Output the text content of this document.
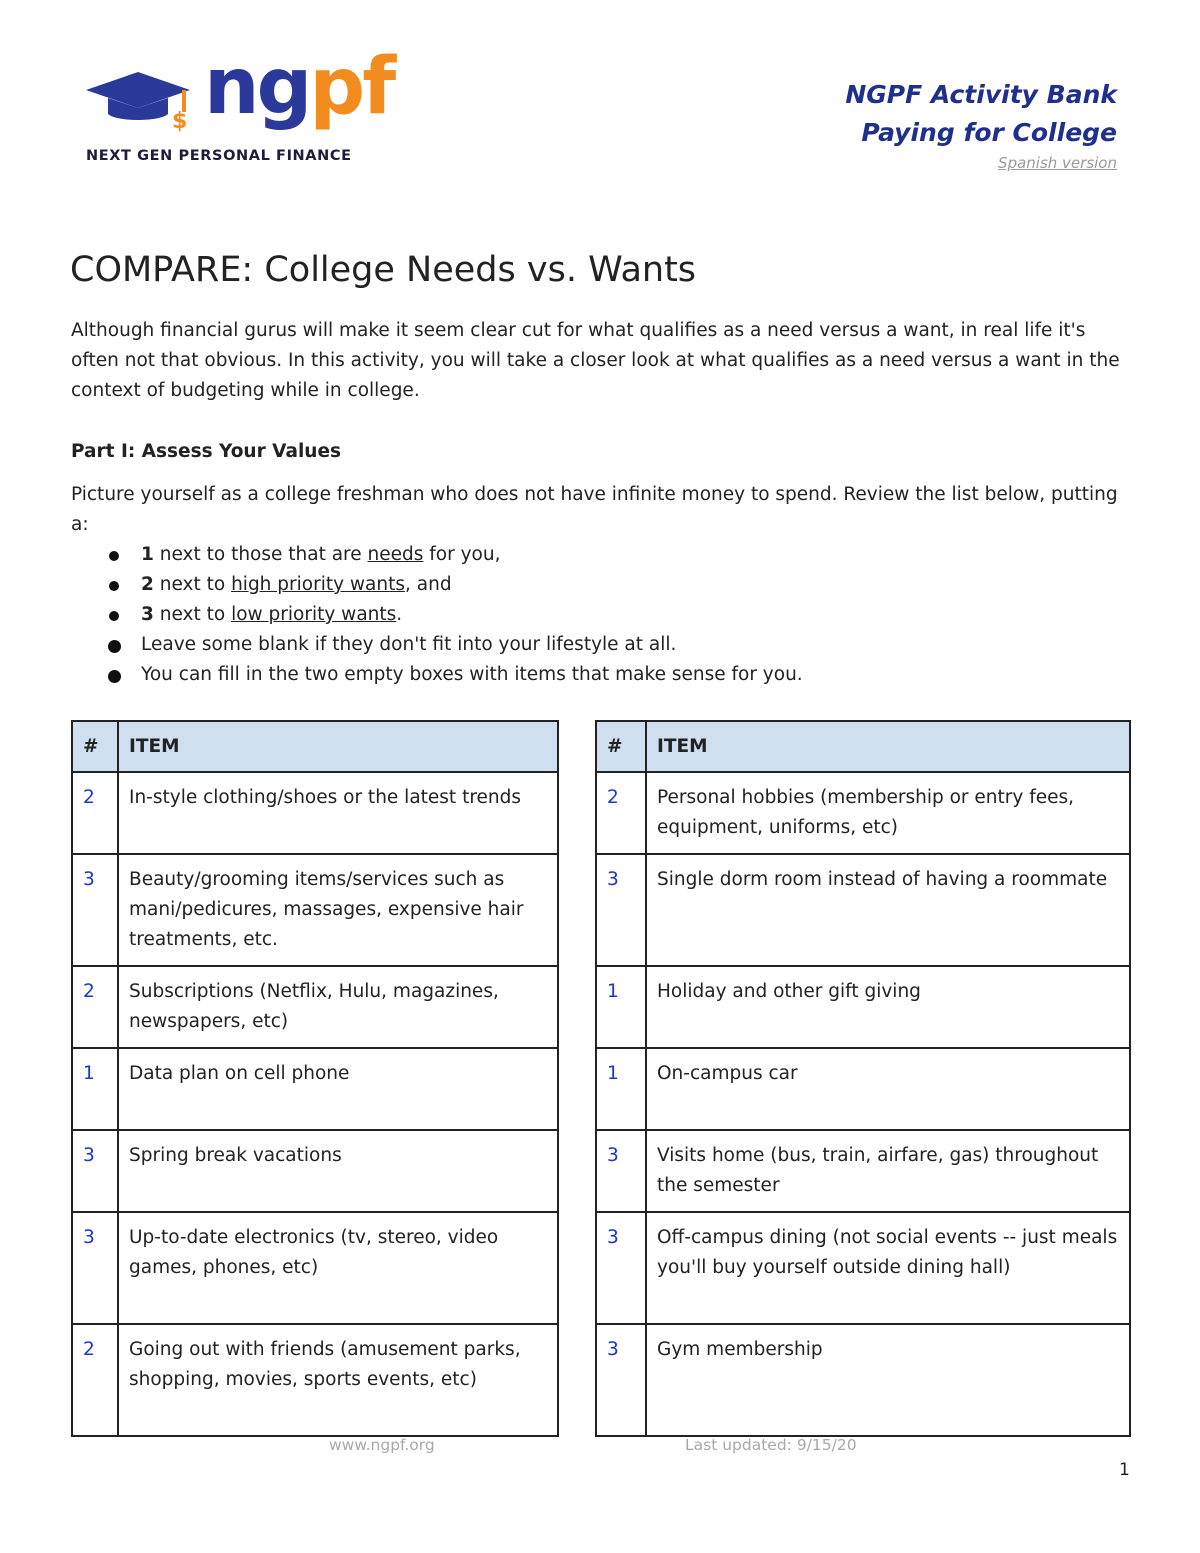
$ ngpf
NEXT GEN PERSONAL FINANCE
NGPF Activity Bank
Paying for College
Spanish version
COMPARE: College Needs vs. Wants
Although financial gurus will make it seem clear cut for what qualifies as a need versus a want, in real life it's often not that obvious. In this activity, you will take a closer look at what qualifies as a need versus a want in the context of budgeting while in college.
Part I: Assess Your Values
Picture yourself as a college freshman who does not have infinite money to spend. Review the list below, putting a:
1 next to those that are needs for you,
2 next to high priority wants, and
3 next to low priority wants.
Leave some blank if they don't fit into your lifestyle at all.
You can fill in the two empty boxes with items that make sense for you.
#	ITEM
2	In-style clothing/shoes or the latest trends
3	Beauty/grooming items/services such as mani/pedicures, massages, expensive hair treatments, etc.
2	Subscriptions (Netflix, Hulu, magazines, newspapers, etc)
1	Data plan on cell phone
3	Spring break vacations
3	Up-to-date electronics (tv, stereo, video games, phones, etc)
2	Going out with friends (amusement parks, shopping, movies, sports events, etc)
#	ITEM
2	Personal hobbies (membership or entry fees, equipment, uniforms, etc)
3	Single dorm room instead of having a roommate
1	Holiday and other gift giving
1	On-campus car
3	Visits home (bus, train, airfare, gas) throughout the semester
3	Off-campus dining (not social events -- just meals you'll buy yourself outside dining hall)
3	Gym membership
www.ngpf.org	Last updated: 9/15/20
1
